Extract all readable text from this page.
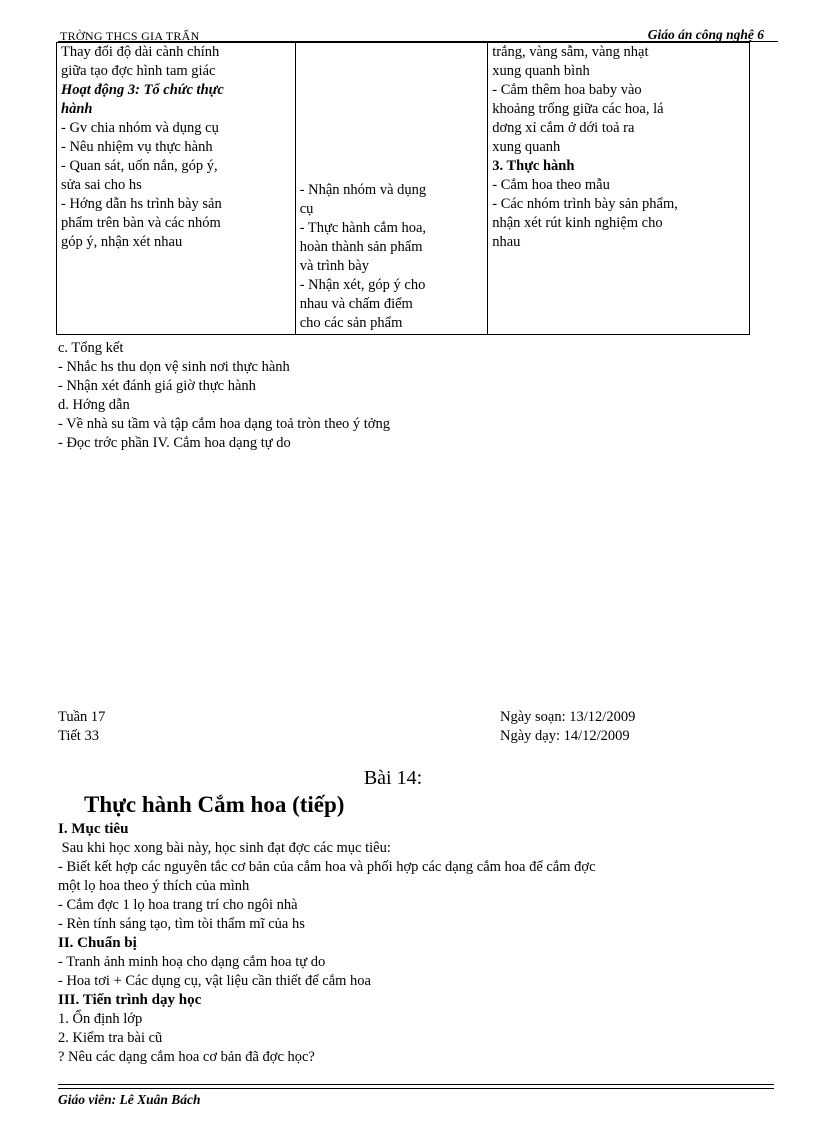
TRỜNG THCS GIA TRẤN	Giáo án công nghệ 6
Thay đổi độ dài cành chính
giữa tạo đợc hình tam giác
Hoạt động 3: Tổ chức thực
hành
- Gv chia nhóm và dụng cụ
- Nêu nhiệm vụ thực hành
- Quan sát, uốn nắn, góp ý,
sửa sai cho hs
- Hớng dẫn hs trình bày sản
phẩm trên bàn và các nhóm
góp ý, nhận xét nhau

- Nhận nhóm và dụng
cụ
- Thực hành cắm hoa,
hoàn thành sản phẩm
và trình bày
- Nhận xét, góp ý cho
nhau và chấm điểm
cho các sản phẩm

trắng, vàng sẫm, vàng nhạt
xung quanh bình
- Cắm thêm hoa baby vào
khoảng trống giữa các hoa, lá
dơng xỉ cắm ở dới toả ra
xung quanh
3. Thực hành
- Cắm hoa theo mẫu
- Các nhóm trình bày sản phẩm,
nhận xét rút kinh nghiệm cho
nhau
c. Tổng kết
- Nhắc hs thu dọn vệ sinh nơi thực hành
- Nhận xét đánh giá giờ thực hành
d. Hớng dẫn
- Về nhà su tầm và tập cắm hoa dạng toả tròn theo ý tởng
- Đọc trớc phần IV. Cắm hoa dạng tự do
Tuần 17
Tiết 33
Ngày soạn: 13/12/2009
Ngày dạy: 14/12/2009
Bài 14:
Thực hành Cắm hoa (tiếp)
I. Mục tiêu
Sau khi học xong bài này, học sinh đạt đợc các mục tiêu:
- Biết kết hợp các nguyên tắc cơ bản của cắm hoa và phối hợp các dạng cắm hoa để cắm đợc
một lọ hoa theo ý thích của mình
- Cắm đợc 1 lọ hoa trang trí cho ngôi nhà
- Rèn tính sáng tạo, tìm tòi thẩm mĩ của hs
II. Chuẩn bị
- Tranh ảnh minh hoạ cho dạng cắm hoa tự do
- Hoa tơi + Các dụng cụ, vật liệu cần thiết để cắm hoa
III. Tiến trình dạy học
1. Ổn định lớp
2. Kiểm tra bài cũ
? Nêu các dạng cắm hoa cơ bản đã đợc học?
Giáo viên: Lê Xuân Bách
